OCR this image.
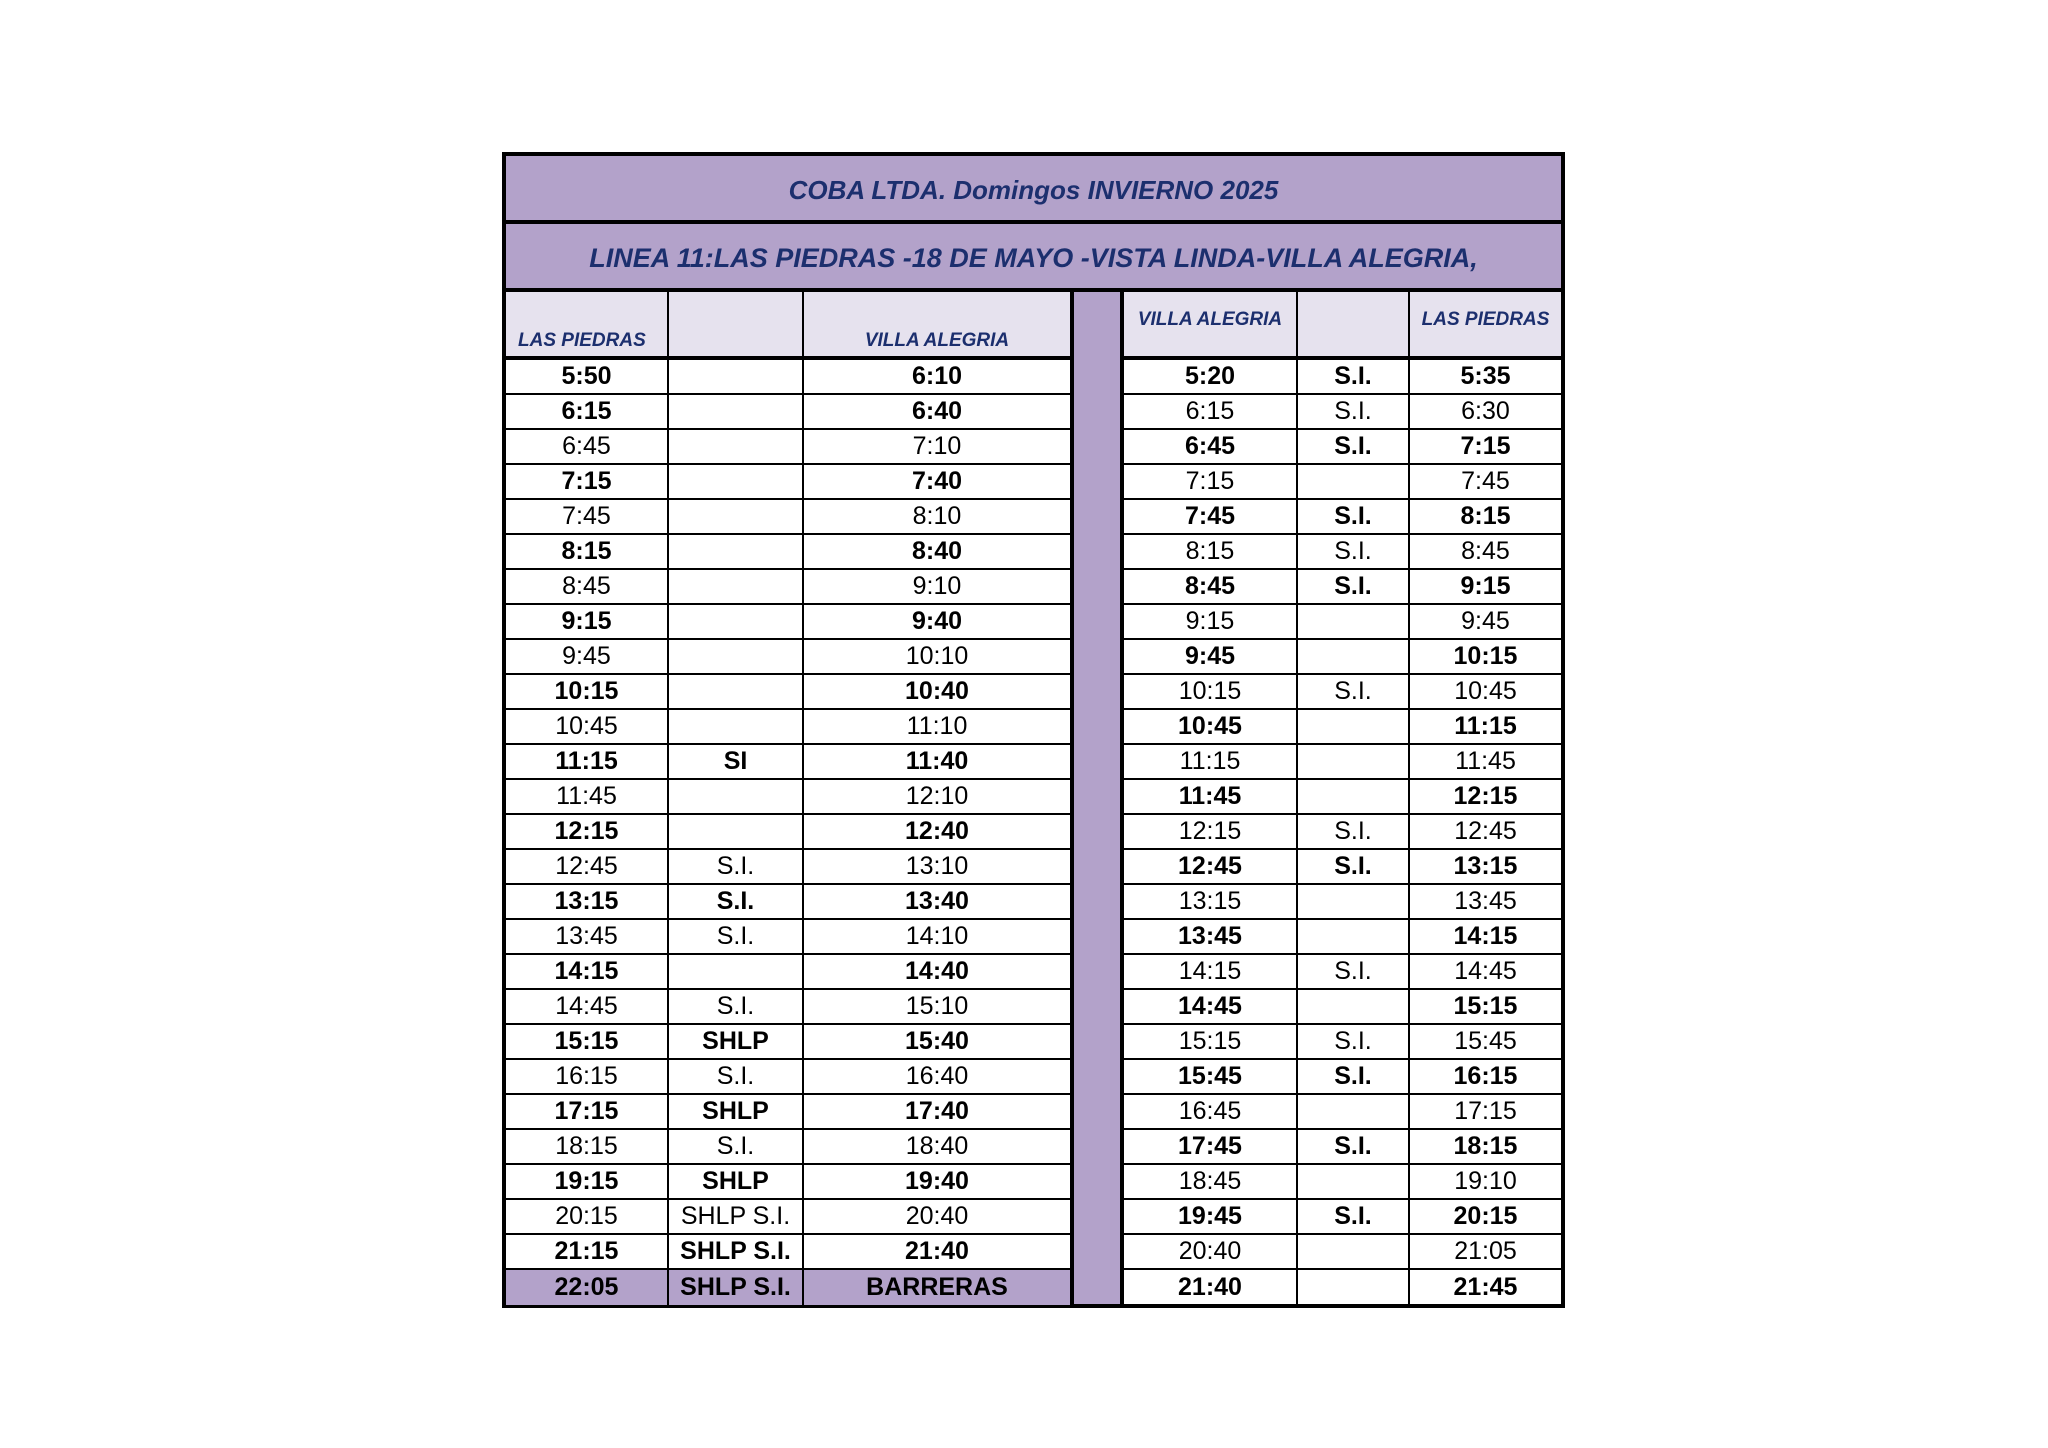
COBA LTDA. Domingos INVIERNO 2025
LINEA 11:LAS PIEDRAS -18 DE MAYO -VISTA LINDA-VILLA ALEGRIA,
LAS PIEDRAS		VILLA ALEGRIA
5:50		6:10
6:15		6:40
6:45		7:10
7:15		7:40
7:45		8:10
8:15		8:40
8:45		9:10
9:15		9:40
9:45		10:10
10:15		10:40
10:45		11:10
11:15	SI	11:40
11:45		12:10
12:15		12:40
12:45	S.I.	13:10
13:15	S.I.	13:40
13:45	S.I.	14:10
14:15		14:40
14:45	S.I.	15:10
15:15	SHLP	15:40
16:15	S.I.	16:40
17:15	SHLP	17:40
18:15	S.I.	18:40
19:15	SHLP	19:40
20:15	SHLP S.I.	20:40
21:15	SHLP S.I.	21:40
22:05	SHLP S.I.	BARRERAS
VILLA ALEGRIA		LAS PIEDRAS
5:20	S.I.	5:35
6:15	S.I.	6:30
6:45	S.I.	7:15
7:15		7:45
7:45	S.I.	8:15
8:15	S.I.	8:45
8:45	S.I.	9:15
9:15		9:45
9:45		10:15
10:15	S.I.	10:45
10:45		11:15
11:15		11:45
11:45		12:15
12:15	S.I.	12:45
12:45	S.I.	13:15
13:15		13:45
13:45		14:15
14:15	S.I.	14:45
14:45		15:15
15:15	S.I.	15:45
15:45	S.I.	16:15
16:45		17:15
17:45	S.I.	18:15
18:45		19:10
19:45	S.I.	20:15
20:40		21:05
21:40		21:45
